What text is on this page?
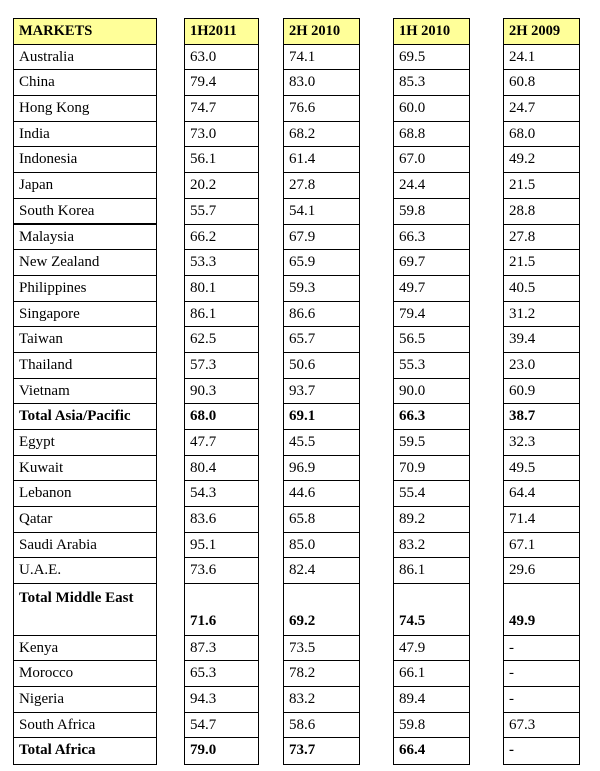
MARKETS
Australia
China
Hong Kong
India
Indonesia
Japan
South Korea
Malaysia
New Zealand
Philippines
Singapore
Taiwan
Thailand
Vietnam
Total Asia/Pacific
Egypt
Kuwait
Lebanon
Qatar
Saudi Arabia
U.A.E.
Total Middle East
Kenya
Morocco
Nigeria
South Africa
Total Africa
1H2011
63.0
79.4
74.7
73.0
56.1
20.2
55.7
66.2
53.3
80.1
86.1
62.5
57.3
90.3
68.0
47.7
80.4
54.3
83.6
95.1
73.6
71.6
87.3
65.3
94.3
54.7
79.0
2H 2010
74.1
83.0
76.6
68.2
61.4
27.8
54.1
67.9
65.9
59.3
86.6
65.7
50.6
93.7
69.1
45.5
96.9
44.6
65.8
85.0
82.4
69.2
73.5
78.2
83.2
58.6
73.7
1H 2010
69.5
85.3
60.0
68.8
67.0
24.4
59.8
66.3
69.7
49.7
79.4
56.5
55.3
90.0
66.3
59.5
70.9
55.4
89.2
83.2
86.1
74.5
47.9
66.1
89.4
59.8
66.4
2H 2009
24.1
60.8
24.7
68.0
49.2
21.5
28.8
27.8
21.5
40.5
31.2
39.4
23.0
60.9
38.7
32.3
49.5
64.4
71.4
67.1
29.6
49.9
-
-
-
67.3
-
